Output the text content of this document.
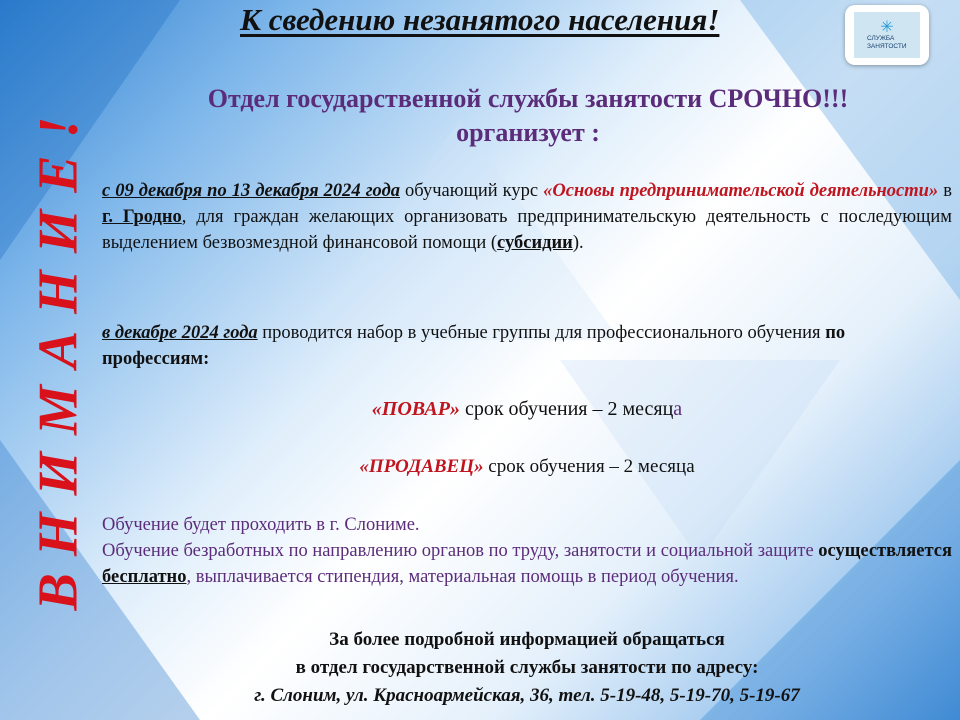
ВНИМАНИЕ!
К сведению незанятого населения!	✳
СЛУЖБА
ЗАНЯТОСТИ
Отдел государственной службы занятости СРОЧНО!!!
организует :
с 09 декабря по 13 декабря 2024 года обучающий курс «Основы предпринимательской деятельности» в г. Гродно, для граждан желающих организовать предпринимательскую деятельность с последующим выделением безвозмездной финансовой помощи (субсидии).
в декабре 2024 года проводится набор в учебные группы для профессионального обучения по профессиям:
«ПОВАР» срок обучения – 2 месяца
«ПРОДАВЕЦ» срок обучения – 2 месяца
Обучение будет проходить в г. Слониме.
Обучение безработных по направлению органов по труду, занятости и социальной защите осуществляется бесплатно, выплачивается стипендия, материальная помощь в период обучения.
За более подробной информацией обращаться
в отдел государственной службы занятости по адресу:
г. Слоним, ул. Красноармейская, 36, тел. 5-19-48, 5-19-70, 5-19-67
